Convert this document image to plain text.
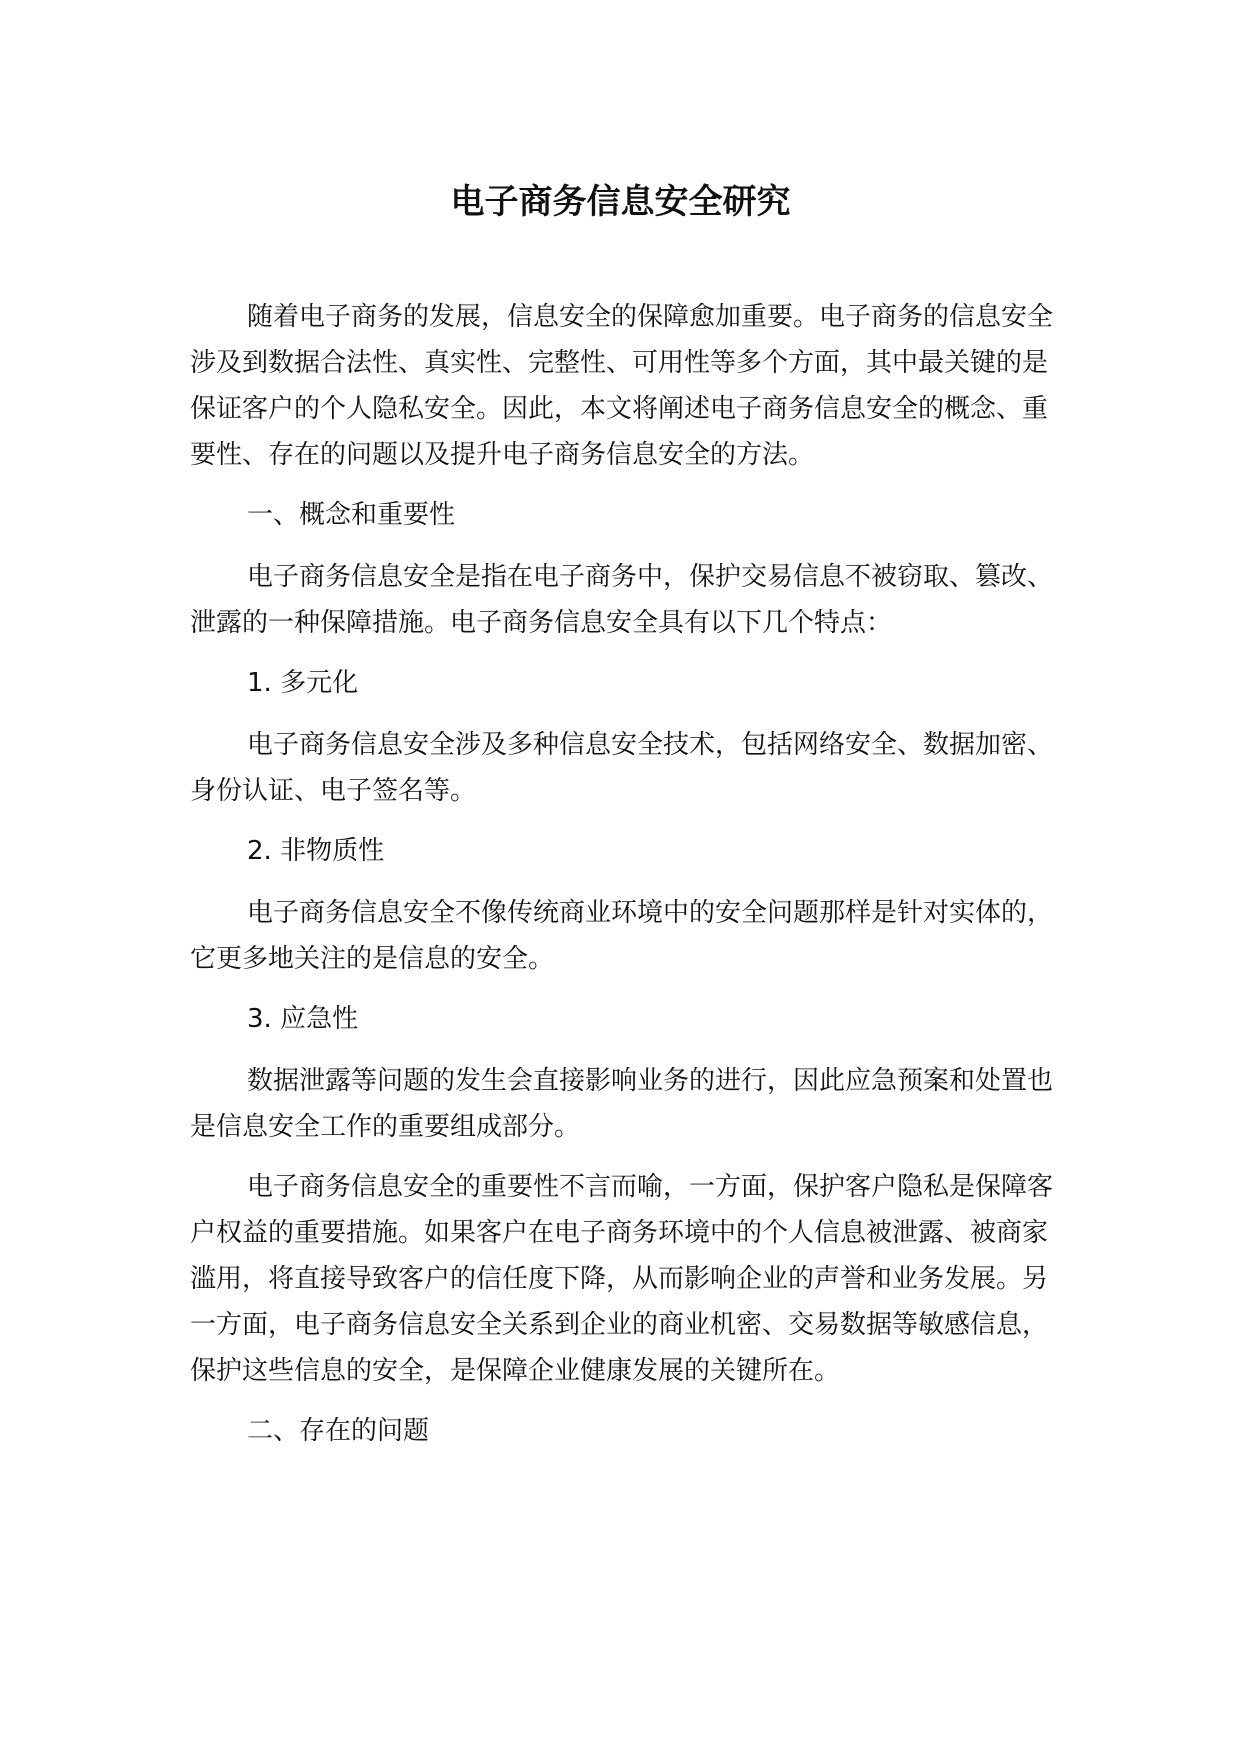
电子商务信息安全研究

随着电子商务的发展，信息安全的保障愈加重要。电子商务的信息安全涉及到数据合法性、真实性、完整性、可用性等多个方面，其中最关键的是保证客户的个人隐私安全。因此，本文将阐述电子商务信息安全的概念、重要性、存在的问题以及提升电子商务信息安全的方法。

一、概念和重要性

电子商务信息安全是指在电子商务中，保护交易信息不被窃取、篡改、泄露的一种保障措施。电子商务信息安全具有以下几个特点：

1. 多元化

电子商务信息安全涉及多种信息安全技术，包括网络安全、数据加密、身份认证、电子签名等。

2. 非物质性

电子商务信息安全不像传统商业环境中的安全问题那样是针对实体的，它更多地关注的是信息的安全。

3. 应急性

数据泄露等问题的发生会直接影响业务的进行，因此应急预案和处置也是信息安全工作的重要组成部分。

电子商务信息安全的重要性不言而喻，一方面，保护客户隐私是保障客户权益的重要措施。如果客户在电子商务环境中的个人信息被泄露、被商家滥用，将直接导致客户的信任度下降，从而影响企业的声誉和业务发展。另一方面，电子商务信息安全关系到企业的商业机密、交易数据等敏感信息，保护这些信息的安全，是保障企业健康发展的关键所在。

二、存在的问题
